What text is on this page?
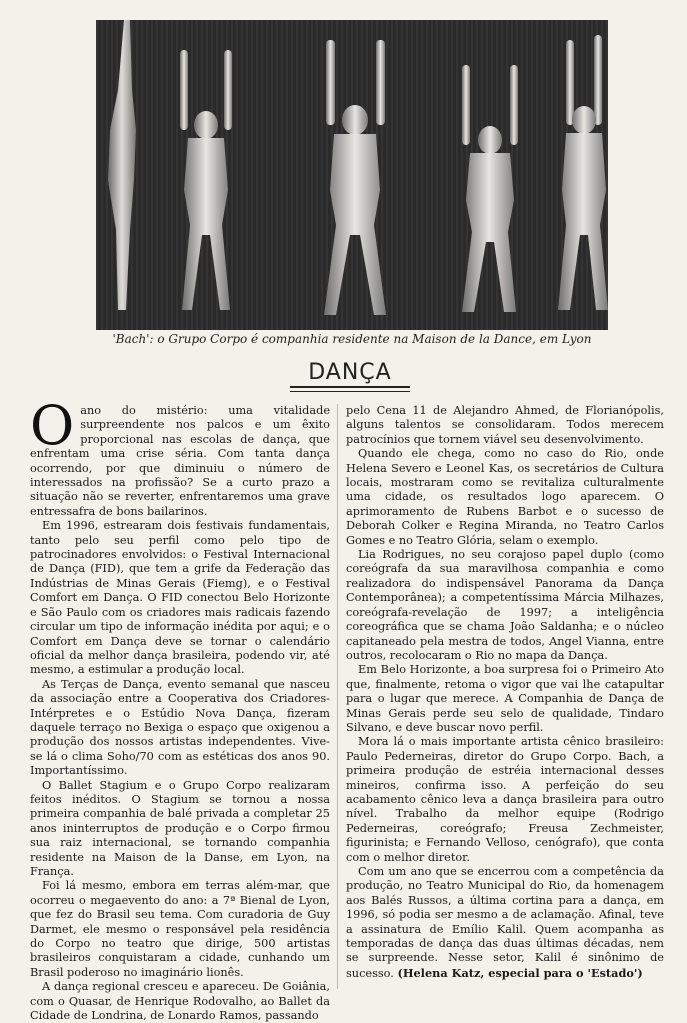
'Bach': o Grupo Corpo é companhia residente na Maison de la Dance, em Lyon
DANÇA

Oano do mistério: uma vitalidade surpreendente nos palcos e um êxito proporcional nas escolas de dança, que enfrentam uma crise séria. Com tanta dança ocorrendo, por que diminuiu o número de interessados na profissão? Se a curto prazo a situação não se reverter, enfrentaremos uma grave entressafra de bons bailarinos.

Em 1996, estrearam dois festivais fundamentais, tanto pelo seu perfil como pelo tipo de patrocinadores envolvidos: o Festival Internacional de Dança (FID), que tem a grife da Federação das Indústrias de Minas Gerais (Fiemg), e o Festival Comfort em Dança. O FID conectou Belo Horizonte e São Paulo com os criadores mais radicais fazendo circular um tipo de informação inédita por aqui; e o Comfort em Dança deve se tornar o calendário oficial da melhor dança brasileira, podendo vir, até mesmo, a estimular a produção local.

As Terças de Dança, evento semanal que nasceu da associação entre a Cooperativa dos Criadores-Intérpretes e o Estúdio Nova Dança, fizeram daquele terraço no Bexiga o espaço que oxigenou a produção dos nossos artistas independentes. Vive-se lá o clima Soho/70 com as estéticas dos anos 90. Importantíssimo.

O Ballet Stagium e o Grupo Corpo realizaram feitos inéditos. O Stagium se tornou a nossa primeira companhia de balé privada a completar 25 anos ininterruptos de produção e o Corpo firmou sua raiz internacional, se tornando companhia residente na Maison de la Danse, em Lyon, na França.

Foi lá mesmo, embora em terras além-mar, que ocorreu o megaevento do ano: a 7ª Bienal de Lyon, que fez do Brasil seu tema. Com curadoria de Guy Darmet, ele mesmo o responsável pela residência do Corpo no teatro que dirige, 500 artistas brasileiros conquistaram a cidade, cunhando um Brasil poderoso no imaginário lionês.

A dança regional cresceu e apareceu. De Goiânia, com o Quasar, de Henrique Rodovalho, ao Ballet da Cidade de Londrina, de Lonardo Ramos, passando

pelo Cena 11 de Alejandro Ahmed, de Florianópolis, alguns talentos se consolidaram. Todos merecem patrocínios que tornem viável seu desenvolvimento.

Quando ele chega, como no caso do Rio, onde Helena Severo e Leonel Kas, os secretários de Cultura locais, mostraram como se revitaliza culturalmente uma cidade, os resultados logo aparecem. O aprimoramento de Rubens Barbot e o sucesso de Deborah Colker e Regina Miranda, no Teatro Carlos Gomes e no Teatro Glória, selam o exemplo.

Lia Rodrigues, no seu corajoso papel duplo (como coreógrafa da sua maravilhosa companhia e como realizadora do indispensável Panorama da Dança Contemporânea); a competentíssima Márcia Milhazes, coreógrafa-revelação de 1997; a inteligência coreográfica que se chama João Saldanha; e o núcleo capitaneado pela mestra de todos, Angel Vianna, entre outros, recolocaram o Rio no mapa da Dança.

Em Belo Horizonte, a boa surpresa foi o Primeiro Ato que, finalmente, retoma o vigor que vai lhe catapultar para o lugar que merece. A Companhia de Dança de Minas Gerais perde seu selo de qualidade, Tindaro Silvano, e deve buscar novo perfil.

Mora lá o mais importante artista cênico brasileiro: Paulo Pederneiras, diretor do Grupo Corpo. Bach, a primeira produção de estréia internacional desses mineiros, confirma isso. A perfeição do seu acabamento cênico leva a dança brasileira para outro nível. Trabalho da melhor equipe (Rodrigo Pederneiras, coreógrafo; Freusa Zechmeister, figurinista; e Fernando Velloso, cenógrafo), que conta com o melhor diretor.

Com um ano que se encerrou com a competência da produção, no Teatro Municipal do Rio, da homenagem aos Balés Russos, a última cortina para a dança, em 1996, só podia ser mesmo a de aclamação. Afinal, teve a assinatura de Emílio Kalil. Quem acompanha as temporadas de dança das duas últimas décadas, nem se surpreende. Nesse setor, Kalil é sinônimo de sucesso. (Helena Katz, especial para o 'Estado')
